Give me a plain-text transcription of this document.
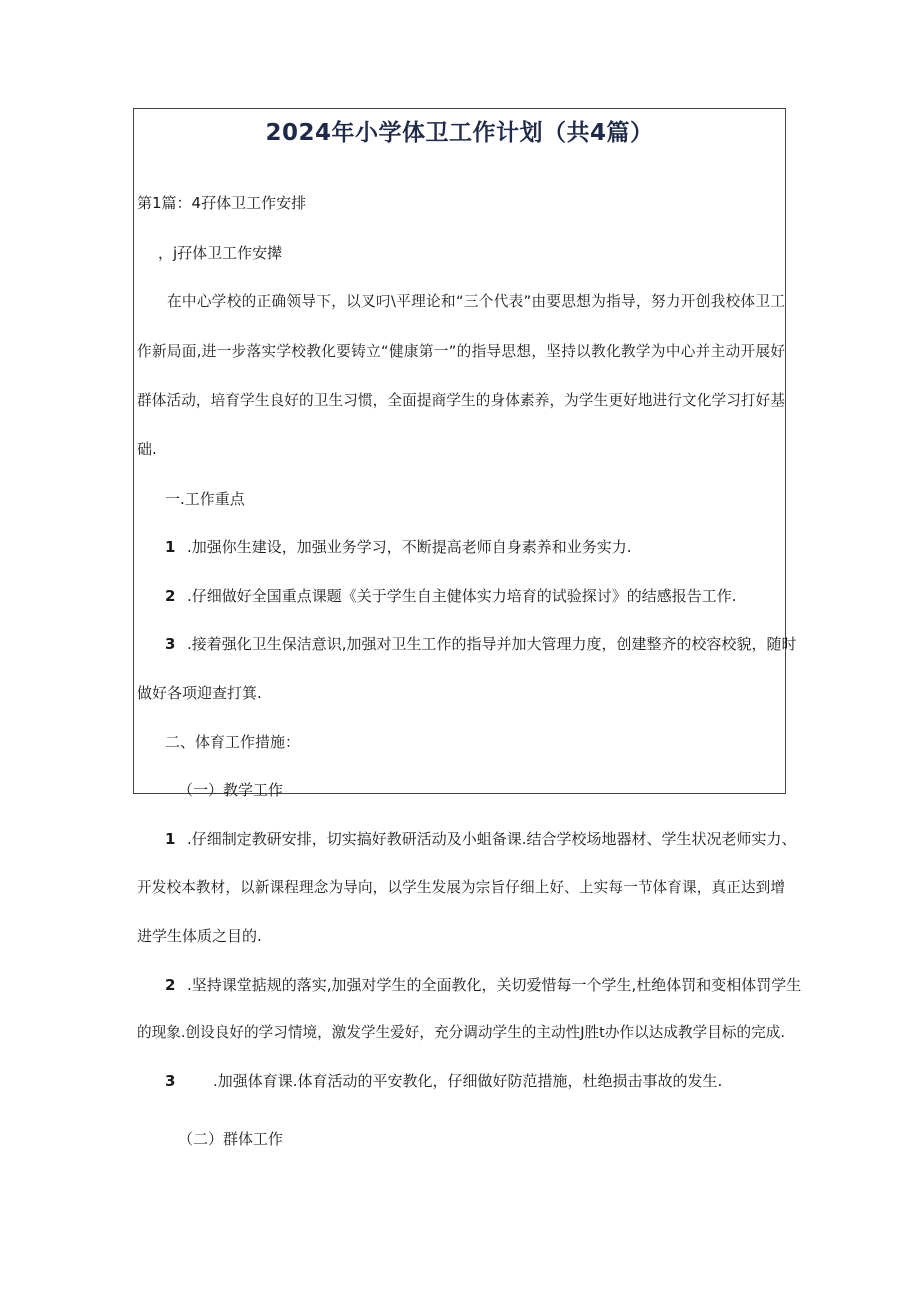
2024年小学体卫工作计划（共4篇）

第1篇：4孖体卫工作安排

，j孖体卫工作安撵

在中心学校的正确领导下，以叉叼\平理论和“三个代表”由要思想为指导，努力开创我校体卫工

作新局面,进一步落实学校教化要铸立“健康第一”的指导思想，坚持以教化教学为中心并主动开展好

群体活动，培育学生良好的卫生习惯，全面提商学生的身体素养，为学生更好地进行文化学习打好基

础.

一.工作重点

1 .加强你生建设，加强业务学习，不断提高老师自身素养和业务实力.

2 .仔细做好全国重点课题《关于学生自主健体实力培育的试验探讨》的结感报告工作.

3 .接着强化卫生保洁意识,加强对卫生工作的指导并加大管理力度，创建整齐的校容校貌，随时

做好各项迎查打箕.

二、体育工作措施：

（一）教学工作

1 .仔细制定教研安排，切实搞好教研活动及小蛆备课.结合学校场地器材、学生状况老师实力、

开发校本教材，以新课程理念为导向，以学生发展为宗旨仔细上好、上实每一节体育课，真正达到增

进学生体质之目的.

2 .坚持课堂掂规的落实,加强对学生的全面教化，关切爱惜每一个学生,杜绝体罚和变相体罚学生

的现象.创设良好的学习情境，激发学生爱好，充分调动学生的主动性J胜t办作以达成教学目标的完成.

3	.加强体育课.体育活动的平安教化，仔细做好防范措施，杜绝损击事故的发生.

（二）群体工作
